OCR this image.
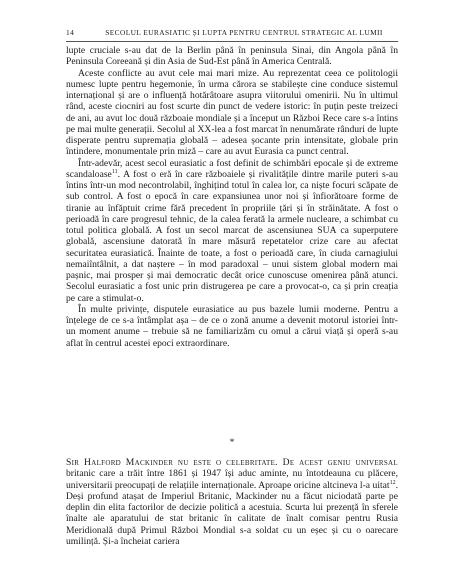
14	SECOLUL EURASIATIC ȘI LUPTA PENTRU CENTRUL STRATEGIC AL LUMII

lupte cruciale s-au dat de la Berlin până în peninsula Sinai, din Angola până în Peninsula Coreeană și din Asia de Sud-Est până în America Centrală.

Aceste conflicte au avut cele mai mari mize. Au reprezentat ceea ce politologii numesc lupte pentru hegemonie, în urma cărora se stabilește cine conduce sistemul internațional și are o influență hotărâtoare asupra viitorului omenirii. Nu în ultimul rând, aceste ciocniri au fost scurte din punct de vedere istoric: în puțin peste treizeci de ani, au avut loc două războaie mondiale și a început un Război Rece care s-a întins pe mai multe generații. Secolul al XX-lea a fost marcat în nenumărate rânduri de lupte disperate pentru supremația globală – adesea șocante prin intensitate, globale prin întindere, monumentale prin miză – care au avut Eurasia ca punct central.

Într-adevăr, acest secol eurasiatic a fost definit de schimbări epocale și de extreme scandaloase$^{11}$. A fost o eră în care războaiele și rivalitățile dintre marile puteri s-au întins într-un mod necontrolabil, înghițind totul în calea lor, ca niște focuri scăpate de sub control. A fost o epocă în care expansiunea unor noi și înfiorătoare forme de tiranie au înfăptuit crime fără precedent în propriile țări și în străinătate. A fost o perioadă în care progresul tehnic, de la calea ferată la armele nucleare, a schimbat cu totul politica globală. A fost un secol marcat de ascensiunea SUA ca superputere globală, ascensiune datorată în mare măsură repetatelor crize care au afectat securitatea eurasiatică. Înainte de toate, a fost o perioadă care, în ciuda carnagiului nemaiîntâlnit, a dat naștere – în mod paradoxal – unui sistem global modern mai pașnic, mai prosper și mai democratic decât orice cunoscuse omenirea până atunci. Secolul eurasiatic a fost unic prin distrugerea pe care a provocat-o, ca și prin creația pe care a stimulat-o.

În multe privințe, disputele eurasiatice au pus bazele lumii moderne. Pentru a înțelege de ce s-a întâmplat așa – de ce o zonă anume a devenit motorul istoriei într-un moment anume – trebuie să ne familiarizăm cu omul a cărui viață și operă s-au aflat în centrul acestei epoci extraordinare.

*

Sir Halford Mackinder nu este o celebritate. De acest geniu universal britanic care a trăit între 1861 și 1947 își aduc aminte, nu întotdeauna cu plăcere, universitarii preocupați de relațiile internaționale. Aproape oricine altcineva l-a uitat$^{12}$. Deși profund atașat de Imperiul Britanic, Mackinder nu a făcut niciodată parte pe deplin din elita factorilor de decizie politică a acestuia. Scurta lui prezență în sferele înalte ale aparatului de stat britanic în calitate de înalt comisar pentru Rusia Meridională după Primul Război Mondial s-a soldat cu un eșec și cu o oarecare umilință. Și-a încheiat cariera
